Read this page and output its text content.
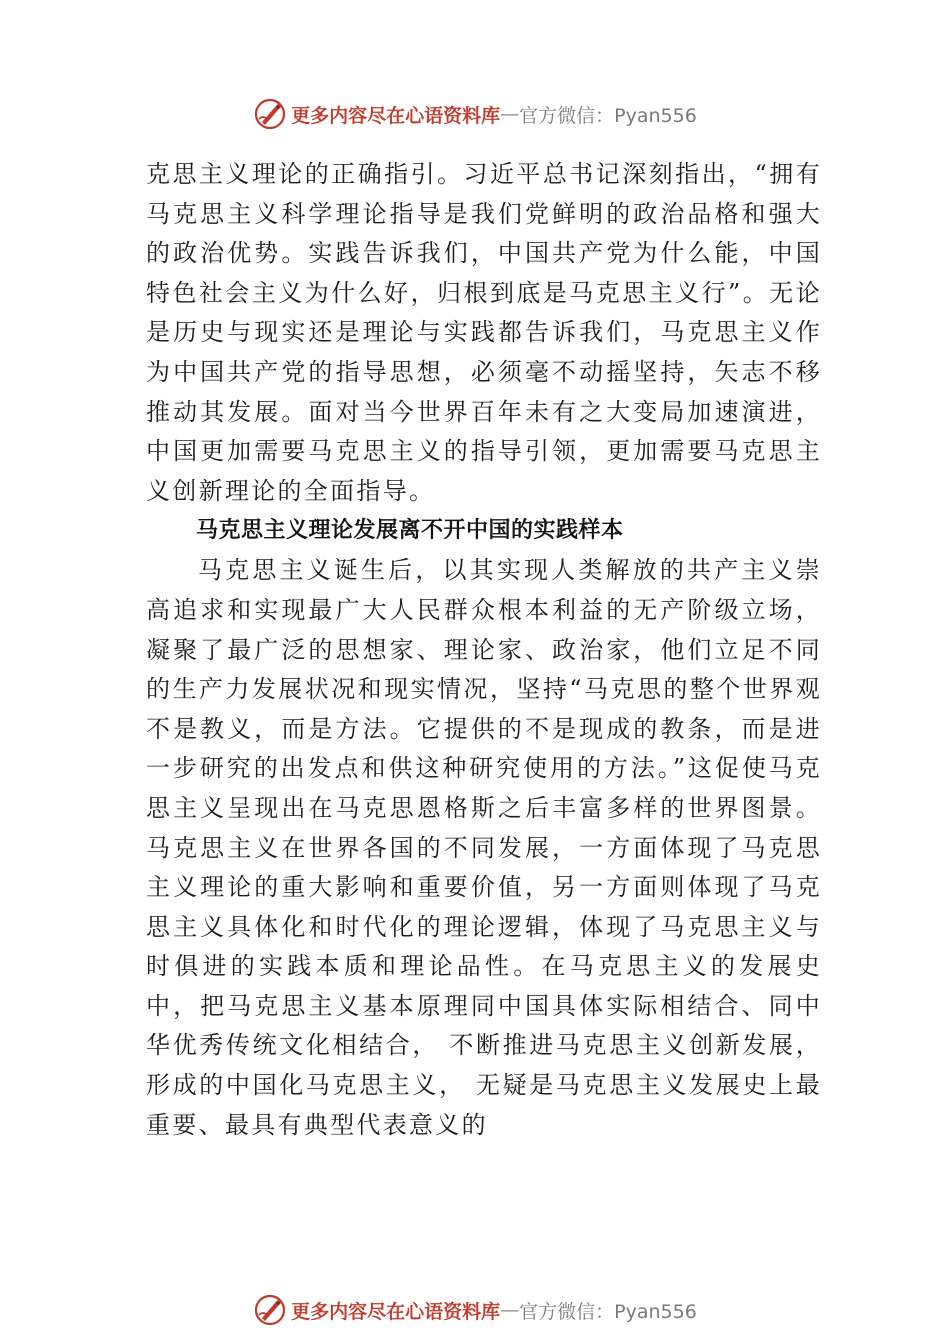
更多内容尽在心语资料库 — 官方微信：Pyan556

克思主义理论的正确指引。习近平总书记深刻指出，“拥有马克思主义科学理论指导是我们党鲜明的政治品格和强大的政治优势。实践告诉我们，中国共产党为什么能，中国特色社会主义为什么好，归根到底是马克思主义行”。无论是历史与现实还是理论与实践都告诉我们，马克思主义作为中国共产党的指导思想，必须毫不动摇坚持，矢志不移推动其发展。面对当今世界百年未有之大变局加速演进，中国更加需要马克思主义的指导引领，更加需要马克思主义创新理论的全面指导。

马克思主义理论发展离不开中国的实践样本

马克思主义诞生后，以其实现人类解放的共产主义崇高追求和实现最广大人民群众根本利益的无产阶级立场，凝聚了最广泛的思想家、理论家、政治家，他们立足不同的生产力发展状况和现实情况，坚持“马克思的整个世界观不是教义，而是方法。它提供的不是现成的教条，而是进一步研究的出发点和供这种研究使用的方法。”这促使马克思主义呈现出在马克思恩格斯之后丰富多样的世界图景。马克思主义在世界各国的不同发展，一方面体现了马克思主义理论的重大影响和重要价值，另一方面则体现了马克思主义具体化和时代化的理论逻辑，体现了马克思主义与时俱进的实践本质和理论品性。在马克思主义的发展史中，把马克思主义基本原理同中国具体实际相结合、同中华优秀传统文化相结合， 不断推进马克思主义创新发展，形成的中国化马克思主义， 无疑是马克思主义发展史上最重要、最具有典型代表意义的

更多内容尽在心语资料库 — 官方微信：Pyan556
